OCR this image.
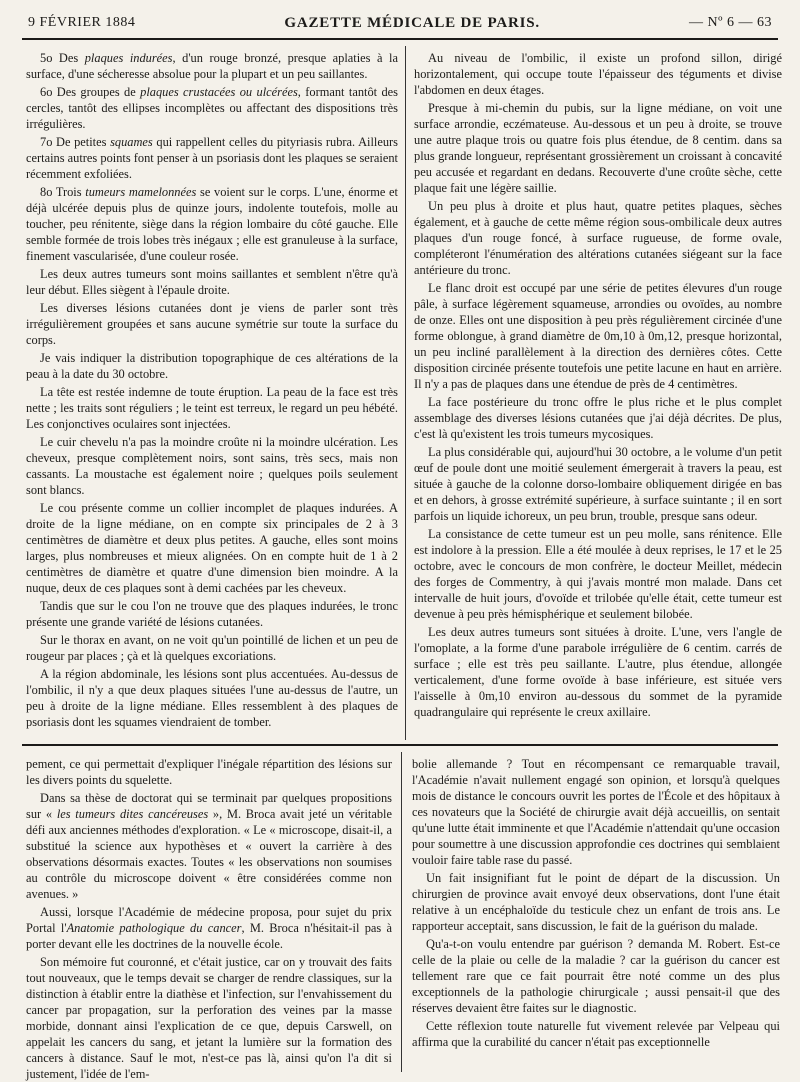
9 FÉVRIER 1884	GAZETTE MÉDICALE DE PARIS.	— Nº 6 — 63

5o Des plaques indurées, d'un rouge bronzé, presque aplaties à la surface, d'une sécheresse absolue pour la plupart et un peu saillantes.

6o Des groupes de plaques crustacées ou ulcérées, formant tantôt des cercles, tantôt des ellipses incomplètes ou affectant des dispositions très irrégulières.

7o De petites squames qui rappellent celles du pityriasis rubra. Ailleurs certains autres points font penser à un psoriasis dont les plaques se seraient récemment exfoliées.

8o Trois tumeurs mamelonnées se voient sur le corps. L'une, énorme et déjà ulcérée depuis plus de quinze jours, indolente toutefois, molle au toucher, peu rénitente, siège dans la région lombaire du côté gauche. Elle semble formée de trois lobes très inégaux ; elle est granuleuse à la surface, finement vascularisée, d'une couleur rosée.

Les deux autres tumeurs sont moins saillantes et semblent n'être qu'à leur début. Elles siègent à l'épaule droite.

Les diverses lésions cutanées dont je viens de parler sont très irrégulièrement groupées et sans aucune symétrie sur toute la surface du corps.

Je vais indiquer la distribution topographique de ces altérations de la peau à la date du 30 octobre.

La tête est restée indemne de toute éruption. La peau de la face est très nette ; les traits sont réguliers ; le teint est terreux, le regard un peu hébété. Les conjonctives oculaires sont injectées.

Le cuir chevelu n'a pas la moindre croûte ni la moindre ulcération. Les cheveux, presque complètement noirs, sont sains, très secs, mais non cassants. La moustache est également noire ; quelques poils seulement sont blancs.

Le cou présente comme un collier incomplet de plaques indurées. A droite de la ligne médiane, on en compte six principales de 2 à 3 centimètres de diamètre et deux plus petites. A gauche, elles sont moins larges, plus nombreuses et mieux alignées. On en compte huit de 1 à 2 centimètres de diamètre et quatre d'une dimension bien moindre. A la nuque, deux de ces plaques sont à demi cachées par les cheveux.

Tandis que sur le cou l'on ne trouve que des plaques indurées, le tronc présente une grande variété de lésions cutanées.

Sur le thorax en avant, on ne voit qu'un pointillé de lichen et un peu de rougeur par places ; çà et là quelques excoriations.

A la région abdominale, les lésions sont plus accentuées. Au-dessus de l'ombilic, il n'y a que deux plaques situées l'une au-dessus de l'autre, un peu à droite de la ligne médiane. Elles ressemblent à des plaques de psoriasis dont les squames viendraient de tomber.

Au niveau de l'ombilic, il existe un profond sillon, dirigé horizontalement, qui occupe toute l'épaisseur des téguments et divise l'abdomen en deux étages.

Presque à mi-chemin du pubis, sur la ligne médiane, on voit une surface arrondie, eczémateuse. Au-dessous et un peu à droite, se trouve une autre plaque trois ou quatre fois plus étendue, de 8 centim. dans sa plus grande longueur, représentant grossièrement un croissant à concavité peu accusée et regardant en dedans. Recouverte d'une croûte sèche, cette plaque fait une légère saillie.

Un peu plus à droite et plus haut, quatre petites plaques, sèches également, et à gauche de cette même région sous-ombilicale deux autres plaques d'un rouge foncé, à surface rugueuse, de forme ovale, compléteront l'énumération des altérations cutanées siégeant sur la face antérieure du tronc.

Le flanc droit est occupé par une série de petites élevures d'un rouge pâle, à surface légèrement squameuse, arrondies ou ovoïdes, au nombre de onze. Elles ont une disposition à peu près régulièrement circinée d'une forme oblongue, à grand diamètre de 0m,10 à 0m,12, presque horizontal, un peu incliné parallèlement à la direction des dernières côtes. Cette disposition circinée présente toutefois une petite lacune en haut en arrière. Il n'y a pas de plaques dans une étendue de près de 4 centimètres.

La face postérieure du tronc offre le plus riche et le plus complet assemblage des diverses lésions cutanées que j'ai déjà décrites. De plus, c'est là qu'existent les trois tumeurs mycosiques.

La plus considérable qui, aujourd'hui 30 octobre, a le volume d'un petit œuf de poule dont une moitié seulement émergerait à travers la peau, est située à gauche de la colonne dorso-lombaire obliquement dirigée en bas et en dehors, à grosse extrémité supérieure, à surface suintante ; il en sort parfois un liquide ichoreux, un peu brun, trouble, presque sans odeur.

La consistance de cette tumeur est un peu molle, sans rénitence. Elle est indolore à la pression. Elle a été moulée à deux reprises, le 17 et le 25 octobre, avec le concours de mon confrère, le docteur Meillet, médecin des forges de Commentry, à qui j'avais montré mon malade. Dans cet intervalle de huit jours, d'ovoïde et trilobée qu'elle était, cette tumeur est devenue à peu près hémisphérique et seulement bilobée.

Les deux autres tumeurs sont situées à droite. L'une, vers l'angle de l'omoplate, a la forme d'une parabole irrégulière de 6 centim. carrés de surface ; elle est très peu saillante. L'autre, plus étendue, allongée verticalement, d'une forme ovoïde à base inférieure, est située vers l'aisselle à 0m,10 environ au-dessous du sommet de la pyramide quadrangulaire qui représente le creux axillaire.

pement, ce qui permettait d'expliquer l'inégale répartition des lésions sur les divers points du squelette.

Dans sa thèse de doctorat qui se terminait par quelques propositions sur « les tumeurs dites cancéreuses », M. Broca avait jeté un véritable défi aux anciennes méthodes d'exploration. « Le « microscope, disait-il, a substitué la science aux hypothèses et « ouvert la carrière à des observations désormais exactes. Toutes « les observations non soumises au contrôle du microscope doivent « être considérées comme non avenues. »

Aussi, lorsque l'Académie de médecine proposa, pour sujet du prix Portal l'Anatomie pathologique du cancer, M. Broca n'hésitait-il pas à porter devant elle les doctrines de la nouvelle école.

Son mémoire fut couronné, et c'était justice, car on y trouvait des faits tout nouveaux, que le temps devait se charger de rendre classiques, sur la distinction à établir entre la diathèse et l'infection, sur l'envahissement du cancer par propagation, sur la perforation des veines par la masse morbide, donnant ainsi l'explication de ce que, depuis Carswell, on appelait les cancers du sang, et jetant la lumière sur la formation des cancers à distance. Sauf le mot, n'est-ce pas là, ainsi qu'on l'a dit si justement, l'idée de l'em-

bolie allemande ? Tout en récompensant ce remarquable travail, l'Académie n'avait nullement engagé son opinion, et lorsqu'à quelques mois de distance le concours ouvrit les portes de l'École et des hôpitaux à ces novateurs que la Société de chirurgie avait déjà accueillis, on sentait qu'une lutte était imminente et que l'Académie n'attendait qu'une occasion pour soumettre à une discussion approfondie ces doctrines qui semblaient vouloir faire table rase du passé.

Un fait insignifiant fut le point de départ de la discussion. Un chirurgien de province avait envoyé deux observations, dont l'une était relative à un encéphaloïde du testicule chez un enfant de trois ans. Le rapporteur acceptait, sans discussion, le fait de la guérison du malade.

Qu'a-t-on voulu entendre par guérison ? demanda M. Robert. Est-ce celle de la plaie ou celle de la maladie ? car la guérison du cancer est tellement rare que ce fait pourrait être noté comme un des plus exceptionnels de la pathologie chirurgicale ; aussi pensait-il que des réserves devaient être faites sur le diagnostic.

Cette réflexion toute naturelle fut vivement relevée par Velpeau qui affirma que la curabilité du cancer n'était pas exceptionnelle
